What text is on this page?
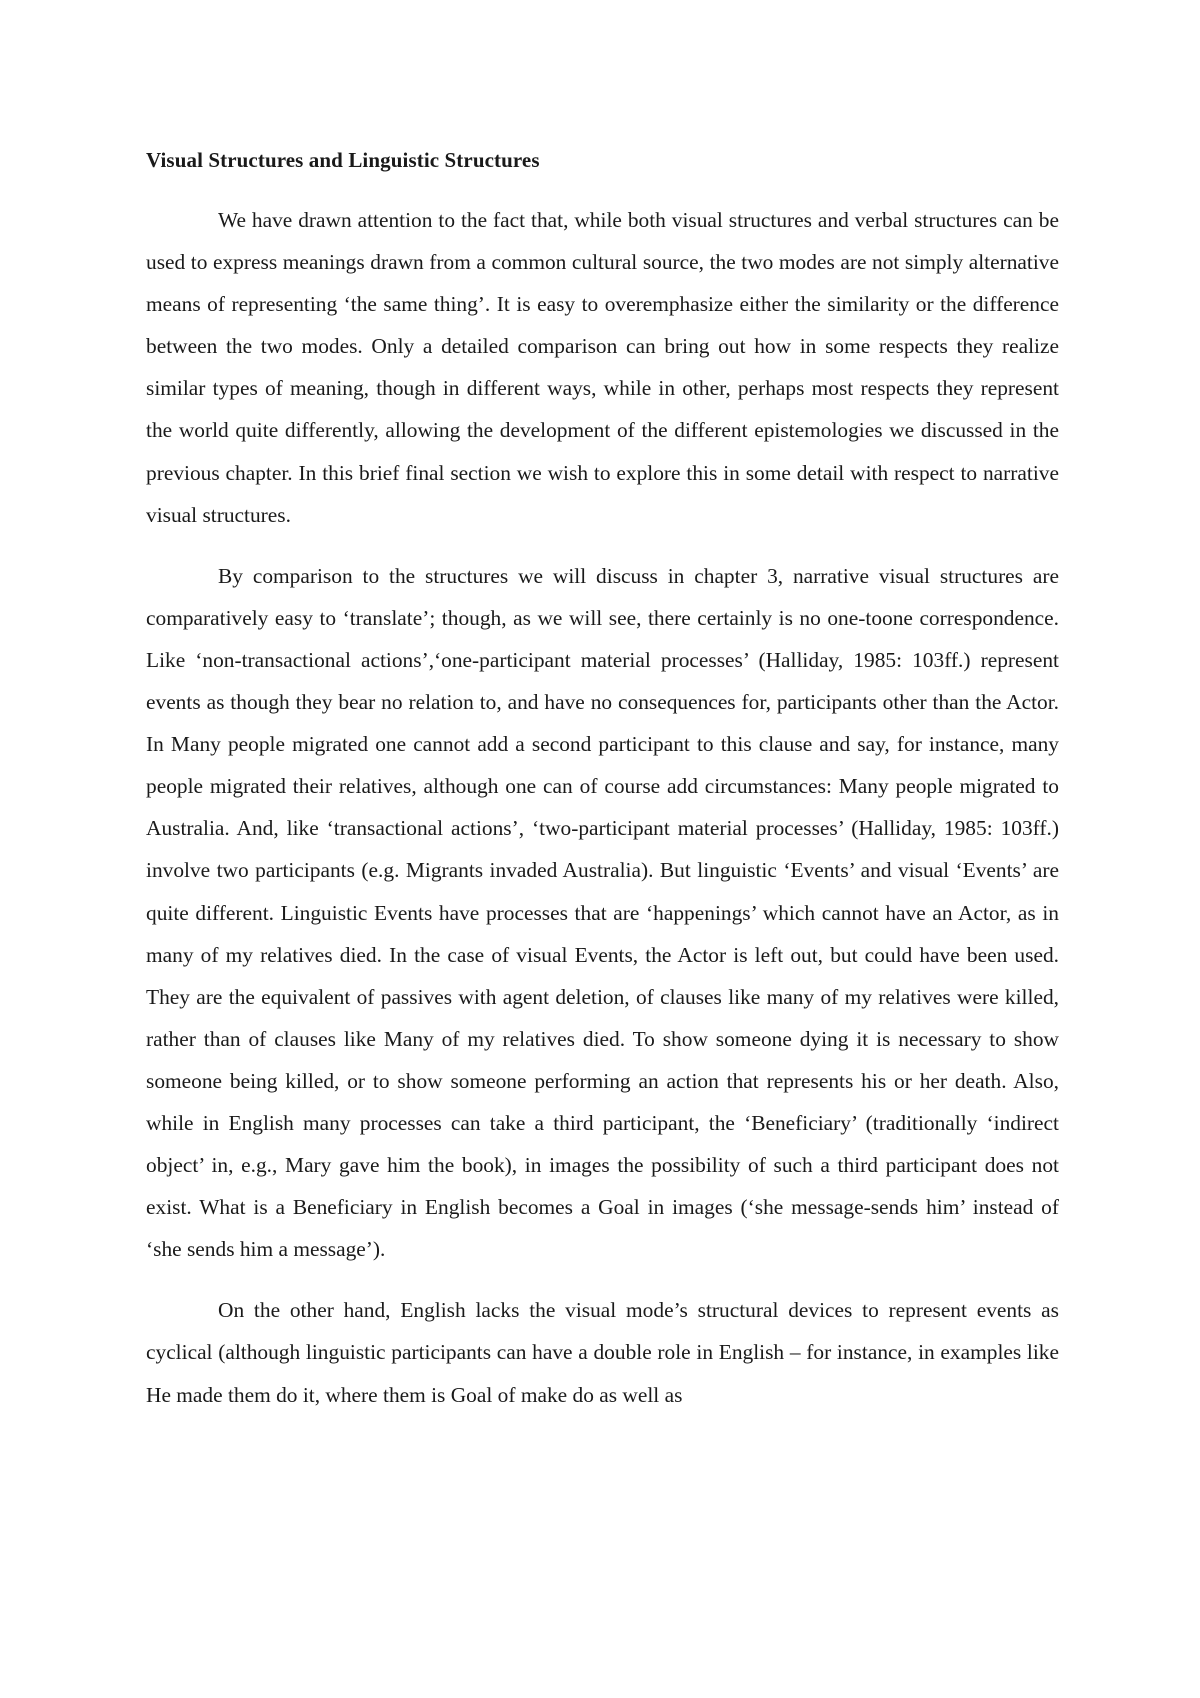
Visual Structures and Linguistic Structures

We have drawn attention to the fact that, while both visual structures and verbal structures can be used to express meanings drawn from a common cultural source, the two modes are not simply alternative means of representing ‘the same thing’. It is easy to overemphasize either the similarity or the difference between the two modes. Only a detailed comparison can bring out how in some respects they realize similar types of meaning, though in different ways, while in other, perhaps most respects they represent the world quite differently, allowing the development of the different epistemologies we discussed in the previous chapter. In this brief final section we wish to explore this in some detail with respect to narrative visual structures.

By comparison to the structures we will discuss in chapter 3, narrative visual structures are comparatively easy to ‘translate’; though, as we will see, there certainly is no one-toone correspondence. Like ‘non-transactional actions’,‘one-participant material processes’ (Halliday, 1985: 103ff.) represent events as though they bear no relation to, and have no consequences for, participants other than the Actor. In Many people migrated one cannot add a second participant to this clause and say, for instance, many people migrated their relatives, although one can of course add circumstances: Many people migrated to Australia. And, like ‘transactional actions’, ‘two-participant material processes’ (Halliday, 1985: 103ff.) involve two participants (e.g. Migrants invaded Australia). But linguistic ‘Events’ and visual ‘Events’ are quite different. Linguistic Events have processes that are ‘happenings’ which cannot have an Actor, as in many of my relatives died. In the case of visual Events, the Actor is left out, but could have been used. They are the equivalent of passives with agent deletion, of clauses like many of my relatives were killed, rather than of clauses like Many of my relatives died. To show someone dying it is necessary to show someone being killed, or to show someone performing an action that represents his or her death. Also, while in English many processes can take a third participant, the ‘Beneficiary’ (traditionally ‘indirect object’ in, e.g., Mary gave him the book), in images the possibility of such a third participant does not exist. What is a Beneficiary in English becomes a Goal in images (‘she message-sends him’ instead of ‘she sends him a message’).

On the other hand, English lacks the visual mode’s structural devices to represent events as cyclical (although linguistic participants can have a double role in English – for instance, in examples like He made them do it, where them is Goal of make do as well as
